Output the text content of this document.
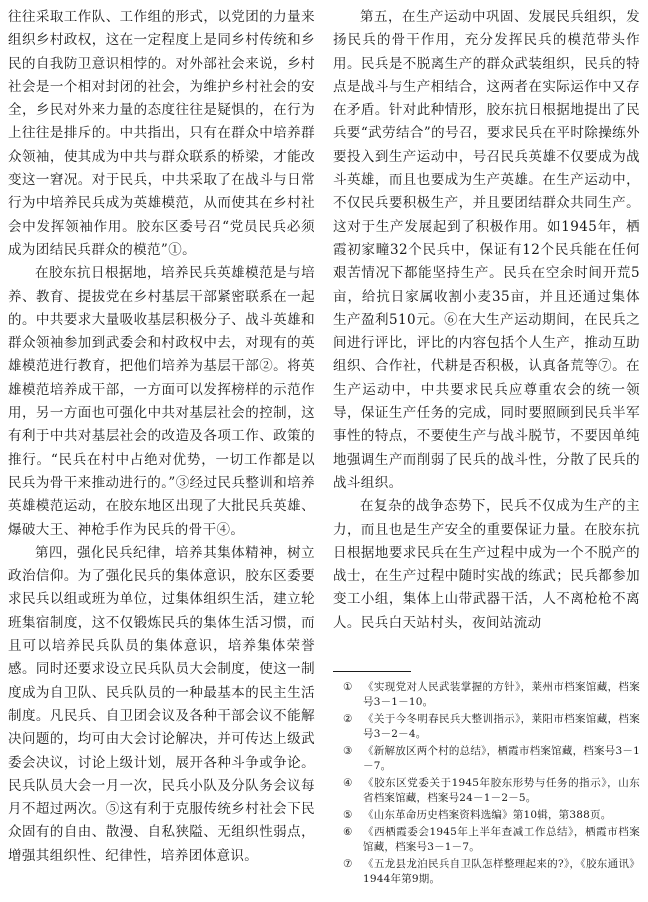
往往采取工作队、工作组的形式，以党团的力量来组织乡村政权，这在一定程度上是同乡村传统和乡民的自我防卫意识相悖的。对外部社会来说，乡村社会是一个相对封闭的社会，为维护乡村社会的安全，乡民对外来力量的态度往往是疑惧的，在行为上往往是排斥的。中共指出，只有在群众中培养群众领袖，使其成为中共与群众联系的桥梁，才能改变这一窘况。对于民兵，中共采取了在战斗与日常行为中培养民兵成为英雄模范，从而使其在乡村社会中发挥领袖作用。胶东区委号召“党员民兵必须成为团结民兵群众的模范”①。

在胶东抗日根据地，培养民兵英雄模范是与培养、教育、提拔党在乡村基层干部紧密联系在一起的。中共要求大量吸收基层积极分子、战斗英雄和群众领袖参加到武委会和村政权中去，对现有的英雄模范进行教育，把他们培养为基层干部②。将英雄模范培养成干部，一方面可以发挥榜样的示范作用，另一方面也可强化中共对基层社会的控制，这有利于中共对基层社会的改造及各项工作、政策的推行。“民兵在村中占绝对优势，一切工作都是以民兵为骨干来推动进行的。”③经过民兵整训和培养英雄模范运动，在胶东地区出现了大批民兵英雄、爆破大王、神枪手作为民兵的骨干④。

第四，强化民兵纪律，培养其集体精神，树立政治信仰。为了强化民兵的集体意识，胶东区委要求民兵以组或班为单位，过集体组织生活，建立轮班集宿制度，这不仅锻炼民兵的集体生活习惯，而且可以培养民兵队员的集体意识，培养集体荣誉感。同时还要求设立民兵队员大会制度，使这一制度成为自卫队、民兵队员的一种最基本的民主生活制度。凡民兵、自卫团会议及各种干部会议不能解决问题的，均可由大会讨论解决，并可传达上级武委会决议，讨论上级计划，展开各种斗争或争论。民兵队员大会一月一次，民兵小队及分队务会议每月不超过两次。⑤这有利于克服传统乡村社会下民众固有的自由、散漫、自私狭隘、无组织性弱点，增强其组织性、纪律性，培养团体意识。

第五，在生产运动中巩固、发展民兵组织，发扬民兵的骨干作用，充分发挥民兵的模范带头作用。民兵是不脱离生产的群众武装组织，民兵的特点是战斗与生产相结合，这两者在实际运作中又存在矛盾。针对此种情形，胶东抗日根据地提出了民兵要“武劳结合”的号召，要求民兵在平时除操练外要投入到生产运动中，号召民兵英雄不仅要成为战斗英雄，而且也要成为生产英雄。在生产运动中，不仅民兵要积极生产，并且要团结群众共同生产。这对于生产发展起到了积极作用。如1945年，栖霞初家疃32个民兵中，保证有12个民兵能在任何艰苦情况下都能坚持生产。民兵在空余时间开荒5亩，给抗日家属收割小麦35亩，并且还通过集体生产盈利510元。⑥在大生产运动期间，在民兵之间进行评比，评比的内容包括个人生产，推动互助组织、合作社，代耕是否积极，认真备荒等⑦。在生产运动中，中共要求民兵应尊重农会的统一领导，保证生产任务的完成，同时要照顾到民兵半军事性的特点，不要使生产与战斗脱节，不要因单纯地强调生产而削弱了民兵的战斗性，分散了民兵的战斗组织。

在复杂的战争态势下，民兵不仅成为生产的主力，而且也是生产安全的重要保证力量。在胶东抗日根据地要求民兵在生产过程中成为一个不脱产的战士，在生产过程中随时实战的练武；民兵都参加变工小组，集体上山带武器干活，人不离枪枪不离人。民兵白天站村头，夜间站流动

① 《实现党对人民武装掌握的方针》，莱州市档案馆藏，档案号3－1－10。

② 《关于今冬明春民兵大整训指示》，莱阳市档案馆藏，档案号3－2－4。

③ 《新解放区两个村的总结》，栖霞市档案馆藏，档案号3－1－7。

④ 《胶东区党委关于1945年胶东形势与任务的指示》，山东省档案馆藏，档案号24－1－2－5。

⑤ 《山东革命历史档案资料选编》第10辑，第388页。

⑥ 《西栖霞委会1945年上半年查减工作总结》，栖霞市档案馆藏，档案号3－1－7。

⑦ 《五龙县龙泊民兵自卫队怎样整理起来的?》，《胶东通讯》1944年第9期。
